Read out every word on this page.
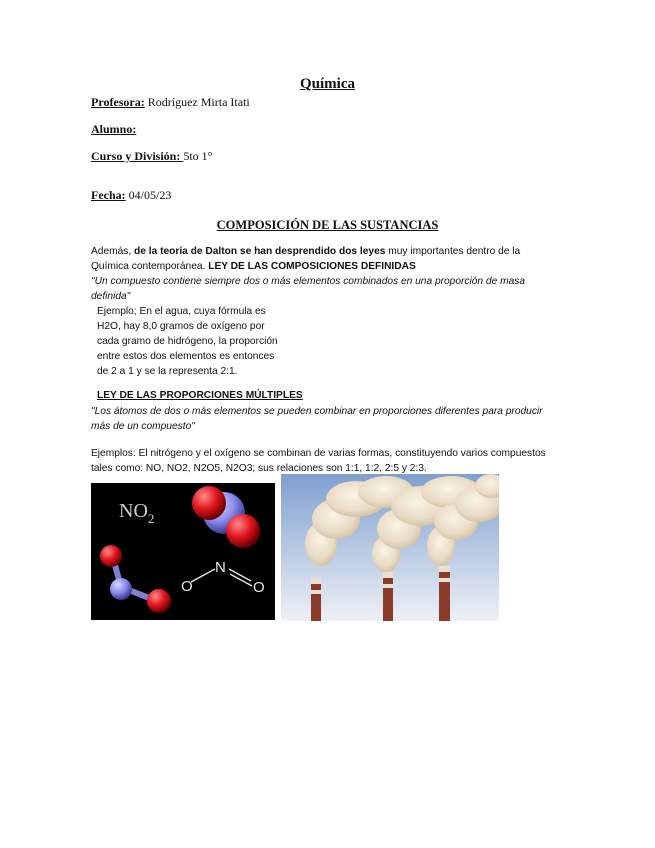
Química
Profesora: Rodríguez Mirta Itati
Alumno:
Curso y División: 5to 1°
Fecha: 04/05/23
COMPOSICIÓN DE LAS SUSTANCIAS
Además, de la teoría de Dalton se han desprendido dos leyes muy importantes dentro de la Química contemporánea. LEY DE LAS COMPOSICIONES DEFINIDAS
"Un compuesto contiene siempre dos o más elementos combinados en una proporción de masa definida"
Ejemplo; En el agua, cuya fórmula es
H2O, hay 8,0 gramos de oxígeno por
cada gramo de hidrógeno, la proporción
entre estos dos elementos es entonces
de 2 a 1 y se la representa 2:1.
LEY DE LAS PROPORCIONES MÚLTIPLES
"Los átomos de dos o más elementos se pueden combinar en proporciones diferentes para producir más de un compuesto"
Ejemplos: El nitrógeno y el oxígeno se combinan de varias formas, constituyendo varios compuestos tales como: NO, NO2, N2O5, N2O3; sus relaciones son 1:1, 1:2, 2:5 y 2:3.
$NO_2$
O
N
O
